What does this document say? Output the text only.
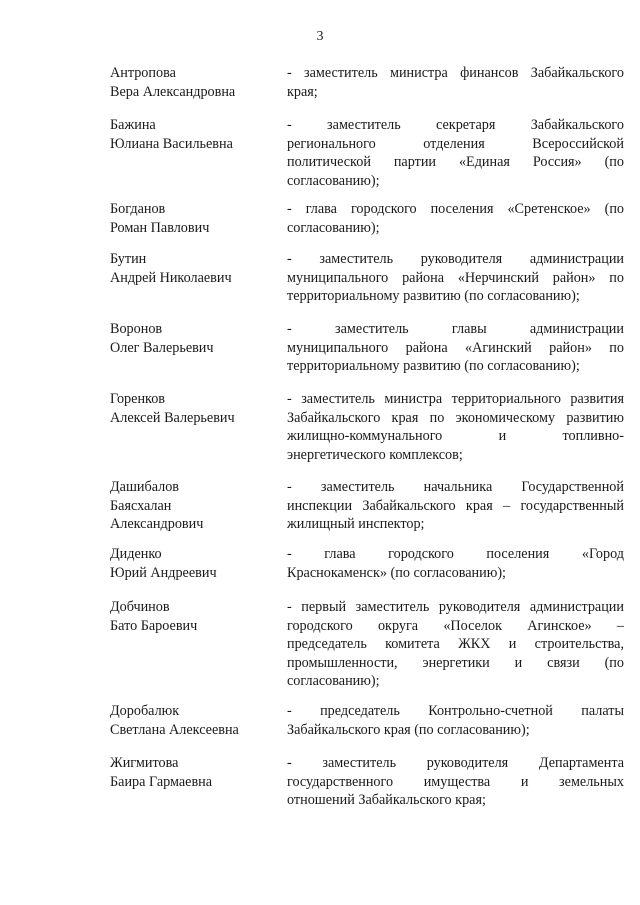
3
Антропова
Вера Александровна
- заместитель министра финансов Забайкальского
края;
Бажина
Юлиана Васильевна
- заместитель секретаря Забайкальского
регионального отделения Всероссийской
политической партии «Единая Россия» (по
согласованию);
Богданов
Роман Павлович
- глава городского поселения «Сретенское» (по
согласованию);
Бутин
Андрей Николаевич
- заместитель руководителя администрации
муниципального района «Нерчинский район» по
территориальному развитию (по согласованию);
Воронов
Олег Валерьевич
- заместитель главы администрации
муниципального района «Агинский район» по
территориальному развитию (по согласованию);
Горенков
Алексей Валерьевич
- заместитель министра территориального развития
Забайкальского края по экономическому развитию
жилищно-коммунального и топливно-
энергетического комплексов;
Дашибалов
Баясхалан
Александрович
- заместитель начальника Государственной
инспекции Забайкальского края – государственный
жилищный инспектор;
Диденко
Юрий Андреевич
- глава городского поселения «Город
Краснокаменск» (по согласованию);
Добчинов
Бато Бароевич
- первый заместитель руководителя администрации
городского округа «Поселок Агинское» –
председатель комитета ЖКХ и строительства,
промышленности, энергетики и связи (по
согласованию);
Доробалюк
Светлана Алексеевна
- председатель Контрольно-счетной палаты
Забайкальского края (по согласованию);
Жигмитова
Баира Гармаевна
- заместитель руководителя Департамента
государственного имущества и земельных
отношений Забайкальского края;
